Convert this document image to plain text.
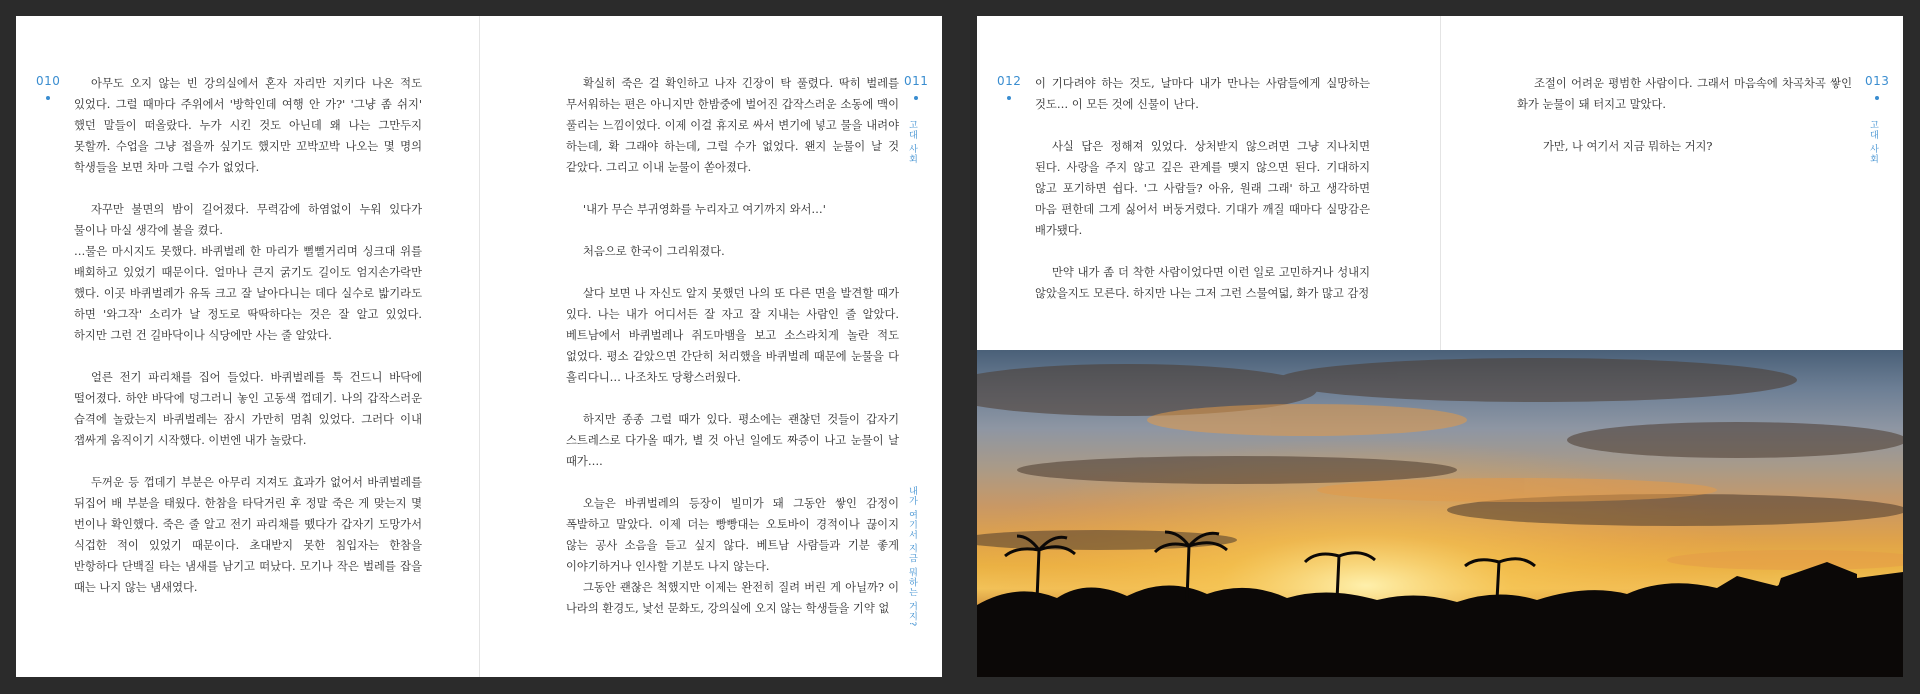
010	아무도 오지 않는 빈 강의실에서 혼자 자리만 지키다 나온 적도 있었다. 그럴 때마다 주위에서 '방학인데 여행 안 가?' '그냥 좀 쉬지' 했던 말들이 떠올랐다. 누가 시킨 것도 아닌데 왜 나는 그만두지 못할까. 수업을 그냥 접을까 싶기도 했지만 꼬박꼬박 나오는 몇 명의 학생들을 보면 차마 그럴 수가 없었다.

자꾸만 불면의 밤이 길어졌다. 무력감에 하염없이 누워 있다가 물이나 마실 생각에 불을 켰다.

…물은 마시지도 못했다. 바퀴벌레 한 마리가 뻘뻘거리며 싱크대 위를 배회하고 있었기 때문이다. 얼마나 큰지 굵기도 길이도 엄지손가락만 했다. 이곳 바퀴벌레가 유독 크고 잘 날아다니는 데다 실수로 밟기라도 하면 '와그작' 소리가 날 정도로 딱딱하다는 것은 잘 알고 있었다. 하지만 그런 건 길바닥이나 식당에만 사는 줄 알았다.

얼른 전기 파리채를 집어 들었다. 바퀴벌레를 툭 건드니 바닥에 떨어졌다. 하얀 바닥에 덩그러니 놓인 고동색 껍데기. 나의 갑작스러운 습격에 놀랐는지 바퀴벌레는 잠시 가만히 멈춰 있었다. 그러다 이내 잽싸게 움직이기 시작했다. 이번엔 내가 놀랐다.

두꺼운 등 껍데기 부분은 아무리 지져도 효과가 없어서 바퀴벌레를 뒤집어 배 부분을 태웠다. 한참을 타닥거린 후 정말 죽은 게 맞는지 몇 번이나 확인했다. 죽은 줄 알고 전기 파리채를 뗐다가 갑자기 도망가서 식겁한 적이 있었기 때문이다. 초대받지 못한 침입자는 한참을 반항하다 단백질 타는 냄새를 남기고 떠났다. 모기나 작은 벌레를 잡을 때는 나지 않는 냄새였다.

확실히 죽은 걸 확인하고 나자 긴장이 탁 풀렸다. 딱히 벌레를 무서워하는 편은 아니지만 한밤중에 벌어진 갑작스러운 소동에 맥이 풀리는 느낌이었다. 이제 이걸 휴지로 싸서 변기에 넣고 물을 내려야 하는데, 확 그래야 하는데, 그럴 수가 없었다. 왠지 눈물이 날 것 같았다. 그리고 이내 눈물이 쏟아졌다.

'내가 무슨 부귀영화를 누리자고 여기까지 와서…'

처음으로 한국이 그리워졌다.

살다 보면 나 자신도 알지 못했던 나의 또 다른 면을 발견할 때가 있다. 나는 내가 어디서든 잘 자고 잘 지내는 사람인 줄 알았다. 베트남에서 바퀴벌레나 쥐도마뱀을 보고 소스라치게 놀란 적도 없었다. 평소 같았으면 간단히 처리했을 바퀴벌레 때문에 눈물을 다 흘리다니… 나조차도 당황스러웠다.

하지만 종종 그럴 때가 있다. 평소에는 괜찮던 것들이 갑자기 스트레스로 다가올 때가, 별 것 아닌 일에도 짜증이 나고 눈물이 날 때가….

오늘은 바퀴벌레의 등장이 빌미가 돼 그동안 쌓인 감정이 폭발하고 말았다. 이제 더는 빵빵대는 오토바이 경적이나 끊이지 않는 공사 소음을 듣고 싶지 않다. 베트남 사람들과 기분 좋게 이야기하거나 인사할 기분도 나지 않는다.

그동안 괜찮은 척했지만 이제는 완전히 질려 버린 게 아닐까? 이 나라의 환경도, 낯선 문화도, 강의실에 오지 않는 학생들을 기약 없

011
고대 사회
내가 여기서 지금 뭐하는 거지?
012 이 기다려야 하는 것도, 날마다 내가 만나는 사람들에게 실망하는 것도… 이 모든 것에 신물이 난다.

사실 답은 정해져 있었다. 상처받지 않으려면 그냥 지나치면 된다. 사랑을 주지 않고 깊은 관계를 맺지 않으면 된다. 기대하지 않고 포기하면 쉽다. '그 사람들? 아유, 원래 그래' 하고 생각하면 마음 편한데 그게 싫어서 버둥거렸다. 기대가 깨질 때마다 실망감은 배가됐다.

만약 내가 좀 더 착한 사람이었다면 이런 일로 고민하거나 성내지 않았을지도 모른다. 하지만 나는 그저 그런 스물여덟, 화가 많고 감정

조절이 어려운 평범한 사람이다. 그래서 마음속에 차곡차곡 쌓인 화가 눈물이 돼 터지고 말았다.

가만, 나 여기서 지금 뭐하는 거지?

013
고대 사회
